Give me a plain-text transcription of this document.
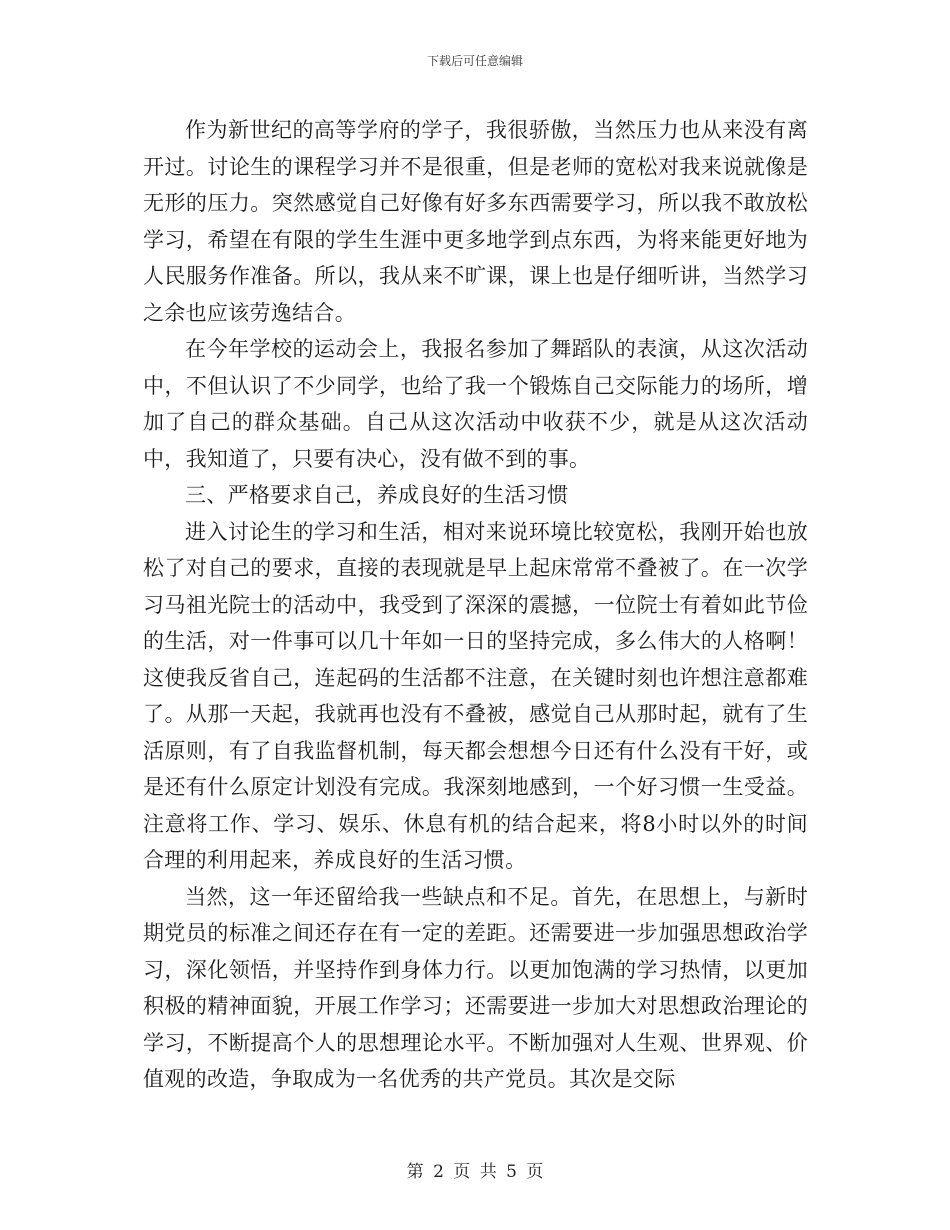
下载后可任意编辑

作为新世纪的高等学府的学子，我很骄傲，当然压力也从来没有离开过。讨论生的课程学习并不是很重，但是老师的宽松对我来说就像是无形的压力。突然感觉自己好像有好多东西需要学习，所以我不敢放松学习，希望在有限的学生生涯中更多地学到点东西，为将来能更好地为人民服务作准备。所以，我从来不旷课，课上也是仔细听讲，当然学习之余也应该劳逸结合。

在今年学校的运动会上，我报名参加了舞蹈队的表演，从这次活动中，不但认识了不少同学，也给了我一个锻炼自己交际能力的场所，增加了自己的群众基础。自己从这次活动中收获不少，就是从这次活动中，我知道了，只要有决心，没有做不到的事。

三、严格要求自己，养成良好的生活习惯

进入讨论生的学习和生活，相对来说环境比较宽松，我刚开始也放松了对自己的要求，直接的表现就是早上起床常常不叠被了。在一次学习马祖光院士的活动中，我受到了深深的震撼，一位院士有着如此节俭的生活，对一件事可以几十年如一日的坚持完成，多么伟大的人格啊！这使我反省自己，连起码的生活都不注意，在关键时刻也许想注意都难了。从那一天起，我就再也没有不叠被，感觉自己从那时起，就有了生活原则，有了自我监督机制，每天都会想想今日还有什么没有干好，或是还有什么原定计划没有完成。我深刻地感到，一个好习惯一生受益。注意将工作、学习、娱乐、休息有机的结合起来，将8小时以外的时间合理的利用起来，养成良好的生活习惯。

当然，这一年还留给我一些缺点和不足。首先，在思想上，与新时期党员的标准之间还存在有一定的差距。还需要进一步加强思想政治学习，深化领悟，并坚持作到身体力行。以更加饱满的学习热情，以更加积极的精神面貌，开展工作学习；还需要进一步加大对思想政治理论的学习，不断提高个人的思想理论水平。不断加强对人生观、世界观、价值观的改造，争取成为一名优秀的共产党员。其次是交际

第 2 页 共 5 页
